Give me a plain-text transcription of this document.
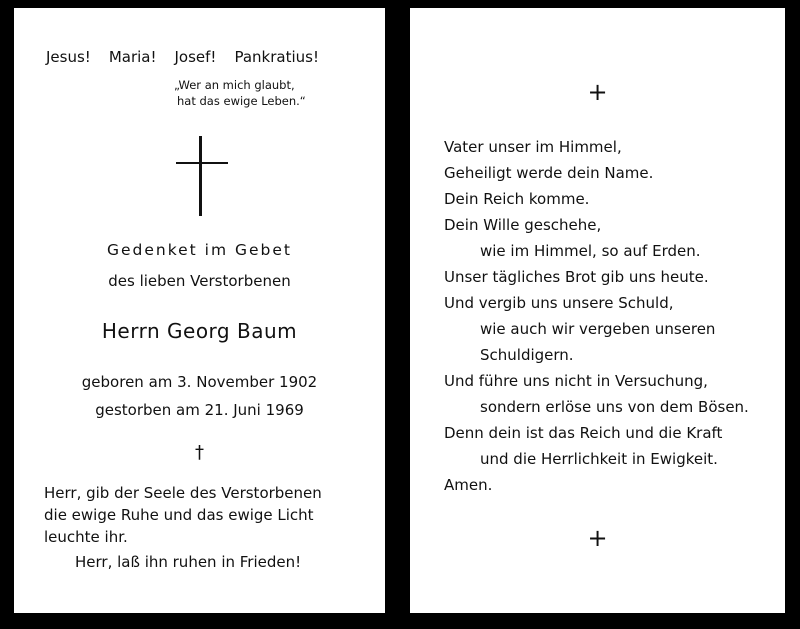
Jesus! Maria! Josef! Pankratius!
„Wer an mich glaubt,
hat das ewige Leben.“
Gedenket im Gebet
des lieben Verstorbenen
Herrn Georg Baum
geboren am 3. November 1902
gestorben am 21. Juni 1969
†
Herr, gib der Seele des Verstorbenen
die ewige Ruhe und das ewige Licht
leuchte ihr.
Herr, laß ihn ruhen in Frieden!
+
Vater unser im Himmel,
Geheiligt werde dein Name.
Dein Reich komme.
Dein Wille geschehe,
wie im Himmel, so auf Erden.
Unser tägliches Brot gib uns heute.
Und vergib uns unsere Schuld,
wie auch wir vergeben unseren
Schuldigern.
Und führe uns nicht in Versuchung,
sondern erlöse uns von dem Bösen.
Denn dein ist das Reich und die Kraft
und die Herrlichkeit in Ewigkeit.
Amen.
+
